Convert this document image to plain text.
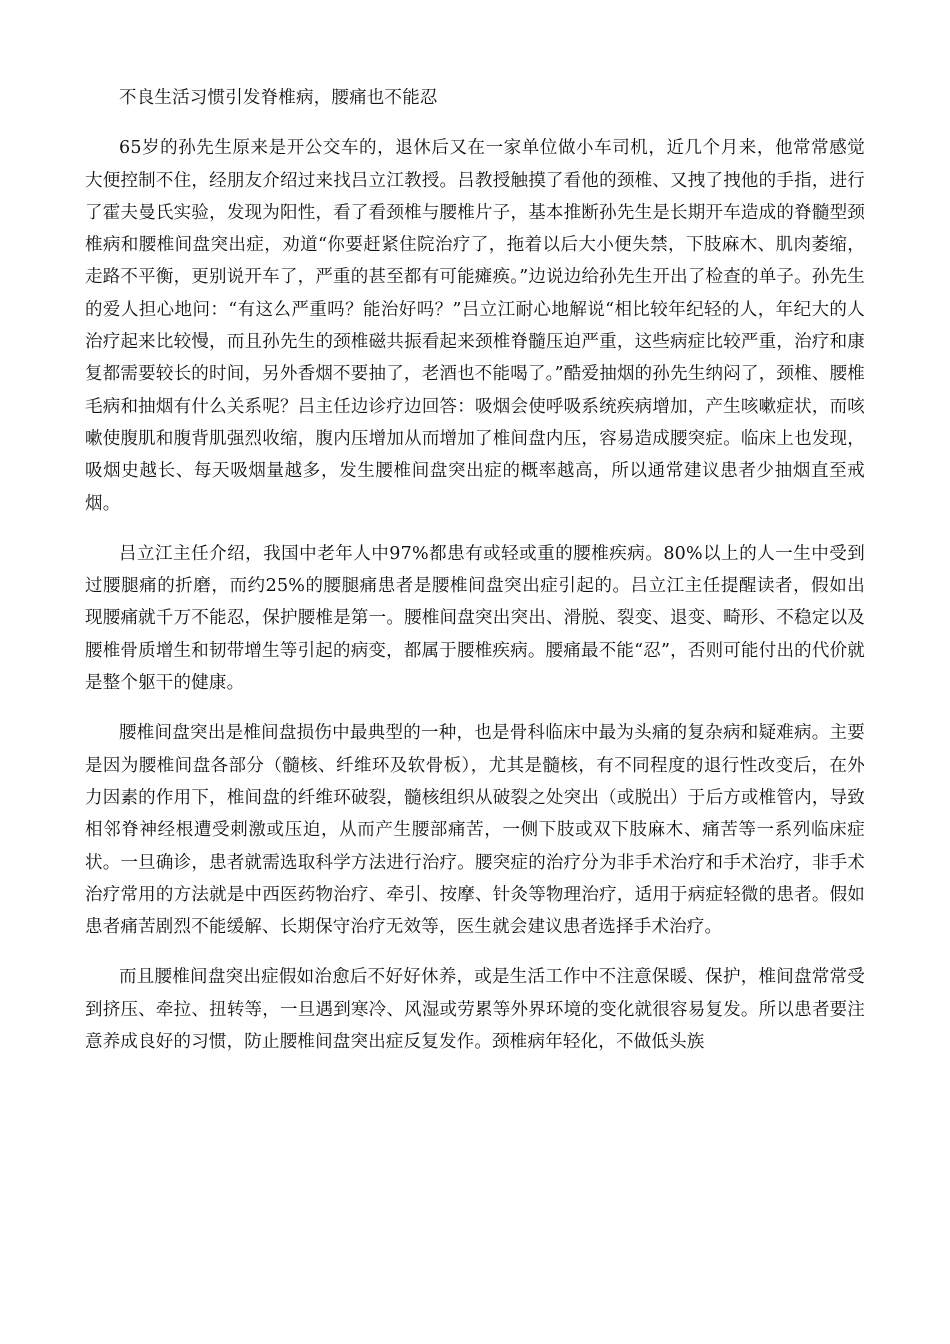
不良生活习惯引发脊椎病，腰痛也不能忍

65岁的孙先生原来是开公交车的，退休后又在一家单位做小车司机，近几个月来，他常常感觉大便控制不住，经朋友介绍过来找吕立江教授。吕教授触摸了看他的颈椎、又拽了拽他的手指，进行了霍夫曼氏实验，发现为阳性，看了看颈椎与腰椎片子，基本推断孙先生是长期开车造成的脊髓型颈椎病和腰椎间盘突出症，劝道“你要赶紧住院治疗了，拖着以后大小便失禁，下肢麻木、肌肉萎缩，走路不平衡，更别说开车了，严重的甚至都有可能瘫痪。”边说边给孙先生开出了检查的单子。孙先生的爱人担心地问：“有这么严重吗？能治好吗？”吕立江耐心地解说“相比较年纪轻的人，年纪大的人治疗起来比较慢，而且孙先生的颈椎磁共振看起来颈椎脊髓压迫严重，这些病症比较严重，治疗和康复都需要较长的时间，另外香烟不要抽了，老酒也不能喝了。”酷爱抽烟的孙先生纳闷了，颈椎、腰椎毛病和抽烟有什么关系呢？吕主任边诊疗边回答：吸烟会使呼吸系统疾病增加，产生咳嗽症状，而咳嗽使腹肌和腹背肌强烈收缩，腹内压增加从而增加了椎间盘内压，容易造成腰突症。临床上也发现，吸烟史越长、每天吸烟量越多，发生腰椎间盘突出症的概率越高，所以通常建议患者少抽烟直至戒烟。

吕立江主任介绍，我国中老年人中97%都患有或轻或重的腰椎疾病。80%以上的人一生中受到过腰腿痛的折磨，而约25%的腰腿痛患者是腰椎间盘突出症引起的。吕立江主任提醒读者，假如出现腰痛就千万不能忍，保护腰椎是第一。腰椎间盘突出突出、滑脱、裂变、退变、畸形、不稳定以及腰椎骨质增生和韧带增生等引起的病变，都属于腰椎疾病。腰痛最不能“忍”，否则可能付出的代价就是整个躯干的健康。

腰椎间盘突出是椎间盘损伤中最典型的一种，也是骨科临床中最为头痛的复杂病和疑难病。主要是因为腰椎间盘各部分（髓核、纤维环及软骨板），尤其是髓核，有不同程度的退行性改变后，在外力因素的作用下，椎间盘的纤维环破裂，髓核组织从破裂之处突出（或脱出）于后方或椎管内，导致相邻脊神经根遭受刺激或压迫，从而产生腰部痛苦，一侧下肢或双下肢麻木、痛苦等一系列临床症状。一旦确诊，患者就需选取科学方法进行治疗。腰突症的治疗分为非手术治疗和手术治疗，非手术治疗常用的方法就是中西医药物治疗、牵引、按摩、针灸等物理治疗，适用于病症轻微的患者。假如患者痛苦剧烈不能缓解、长期保守治疗无效等，医生就会建议患者选择手术治疗。

而且腰椎间盘突出症假如治愈后不好好休养，或是生活工作中不注意保暖、保护，椎间盘常常受到挤压、牵拉、扭转等，一旦遇到寒冷、风湿或劳累等外界环境的变化就很容易复发。所以患者要注意养成良好的习惯，防止腰椎间盘突出症反复发作。颈椎病年轻化，不做低头族
